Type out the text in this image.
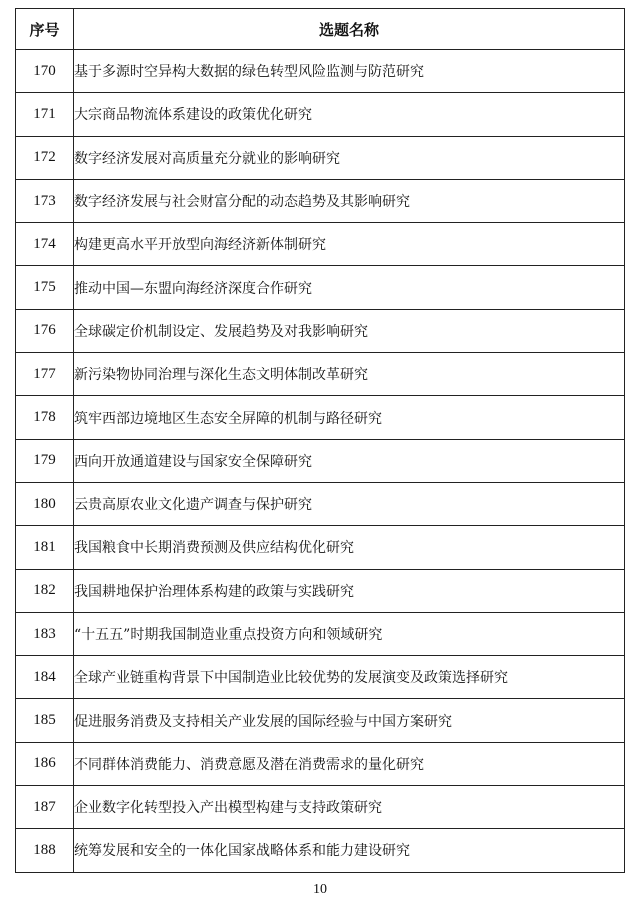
序号	选题名称
170	基于多源时空异构大数据的绿色转型风险监测与防范研究
171	大宗商品物流体系建设的政策优化研究
172	数字经济发展对高质量充分就业的影响研究
173	数字经济发展与社会财富分配的动态趋势及其影响研究
174	构建更高水平开放型向海经济新体制研究
175	推动中国—东盟向海经济深度合作研究
176	全球碳定价机制设定、发展趋势及对我影响研究
177	新污染物协同治理与深化生态文明体制改革研究
178	筑牢西部边境地区生态安全屏障的机制与路径研究
179	西向开放通道建设与国家安全保障研究
180	云贵高原农业文化遗产调查与保护研究
181	我国粮食中长期消费预测及供应结构优化研究
182	我国耕地保护治理体系构建的政策与实践研究
183	“十五五”时期我国制造业重点投资方向和领域研究
184	全球产业链重构背景下中国制造业比较优势的发展演变及政策选择研究
185	促进服务消费及支持相关产业发展的国际经验与中国方案研究
186	不同群体消费能力、消费意愿及潜在消费需求的量化研究
187	企业数字化转型投入产出模型构建与支持政策研究
188	统筹发展和安全的一体化国家战略体系和能力建设研究
10
